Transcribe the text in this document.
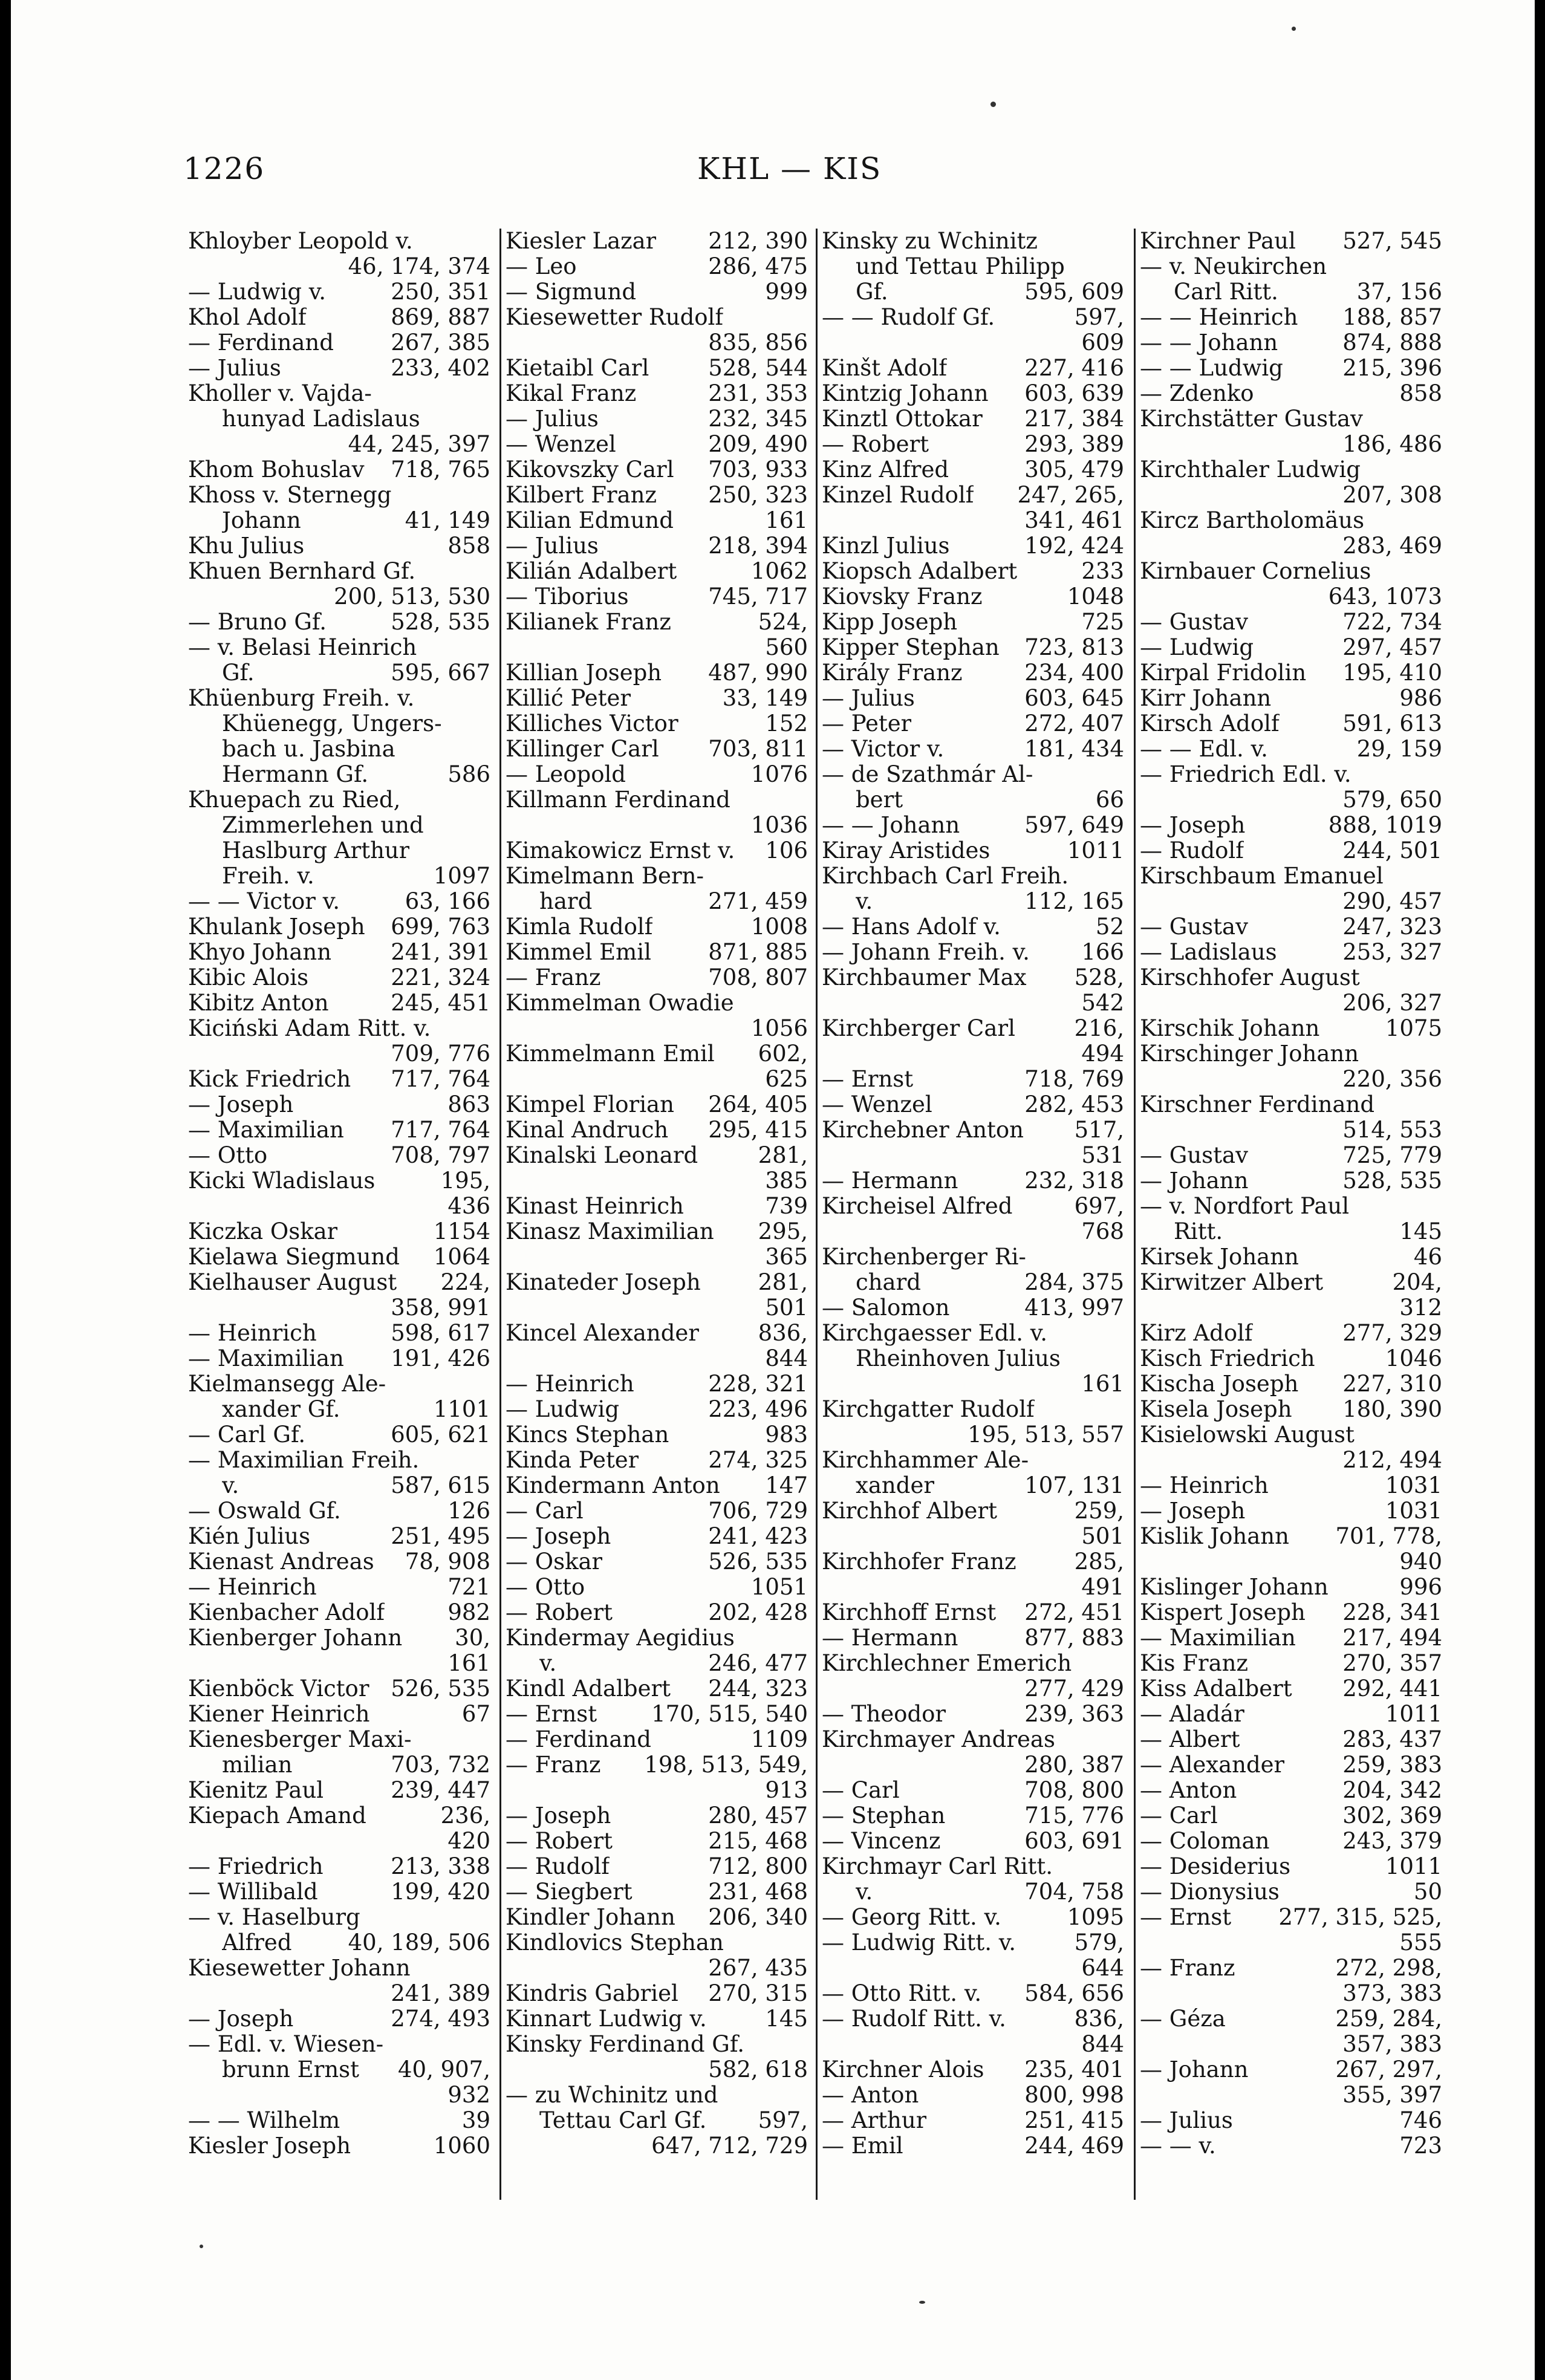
1226	KHL — KIS
Khloyber Leopold v.
46, 174, 374
— Ludwig v.	250, 351
Khol Adolf	869, 887
— Ferdinand	267, 385
— Julius	233, 402
Kholler v. Vajda-
hunyad Ladislaus
44, 245, 397
Khom Bohuslav 718, 765
Khoss v. Sternegg
Johann	41, 149
Khu Julius	858
Khuen Bernhard Gf.
200, 513, 530
— Bruno Gf.	528, 535
— v. Belasi Heinrich
Gf.	595, 667
Khüenburg Freih. v.
Khüenegg, Ungers-
bach u. Jasbina
Hermann Gf.	586
Khuepach zu Ried,
Zimmerlehen und
Haslburg Arthur
Freih. v.	1097
— — Victor v.	63, 166
Khulank Joseph 699, 763
Khyo Johann	241, 391
Kibic Alois	221, 324
Kibitz Anton	245, 451
Kiciński Adam Ritt. v.
709, 776
Kick Friedrich 717, 764
— Joseph	863
— Maximilian 717, 764
— Otto	708, 797
Kicki Wladislaus	195,
436
Kiczka Oskar	1154
Kielawa Siegmund 1064
Kielhauser August 224,
358, 991
— Heinrich	598, 617
— Maximilian 191, 426
Kielmansegg Ale-
xander Gf.	1101
— Carl Gf.	605, 621
— Maximilian Freih.
v.	587, 615
— Oswald Gf.	126
Kién Julius	251, 495
Kienast Andreas 78, 908
— Heinrich	721
Kienbacher Adolf	982
Kienberger Johann 30,
161
Kienböck Victor 526, 535
Kiener Heinrich	67
Kienesberger Maxi-
milian	703, 732
Kienitz Paul	239, 447
Kiepach Amand	236,
420
— Friedrich	213, 338
— Willibald	199, 420
— v. Haselburg
Alfred	40, 189, 506
Kiesewetter Johann
241, 389
— Joseph	274, 493
— Edl. v. Wiesen-
brunn Ernst 40, 907,
932
— — Wilhelm	39
Kiesler Joseph	1060
Kiesler Lazar 212, 390
— Leo	286, 475
— Sigmund	999
Kiesewetter Rudolf
835, 856
Kietaibl Carl	528, 544
Kikal Franz	231, 353
— Julius	232, 345
— Wenzel	209, 490
Kikovszky Carl 703, 933
Kilbert Franz 250, 323
Kilian Edmund	161
— Julius	218, 394
Kilián Adalbert	1062
— Tiborius	745, 717
Kilianek Franz	524,
560
Killian Joseph 487, 990
Killić Peter	33, 149
Killiches Victor	152
Killinger Carl 703, 811
— Leopold	1076
Killmann Ferdinand
1036
Kimakowicz Ernst v. 106
Kimelmann Bern-
hard	271, 459
Kimla Rudolf	1008
Kimmel Emil	871, 885
— Franz	708, 807
Kimmelman Owadie
1056
Kimmelmann Emil 602,
625
Kimpel Florian 264, 405
Kinal Andruch 295, 415
Kinalski Leonard	281,
385
Kinast Heinrich	739
Kinasz Maximilian 295,
365
Kinateder Joseph	281,
501
Kincel Alexander	836,
844
— Heinrich	228, 321
— Ludwig	223, 496
Kincs Stephan	983
Kinda Peter	274, 325
Kindermann Anton 147
— Carl	706, 729
— Joseph	241, 423
— Oskar	526, 535
— Otto	1051
— Robert	202, 428
Kindermay Aegidius
v.	246, 477
Kindl Adalbert 244, 323
— Ernst 170, 515, 540
— Ferdinand	1109
— Franz 198, 513, 549,
913
— Joseph	280, 457
— Robert	215, 468
— Rudolf	712, 800
— Siegbert	231, 468
Kindler Johann 206, 340
Kindlovics Stephan
267, 435
Kindris Gabriel 270, 315
Kinnart Ludwig v.	145
Kinsky Ferdinand Gf.
582, 618
— zu Wchinitz und
Tettau Carl Gf. 597,
647, 712, 729
Kinsky zu Wchinitz
und Tettau Philipp
Gf.	595, 609
— — Rudolf Gf.	597,
609
Kinšt Adolf	227, 416
Kintzig Johann 603, 639
Kinztl Ottokar 217, 384
— Robert	293, 389
Kinz Alfred	305, 479
Kinzel Rudolf 247, 265,
341, 461
Kinzl Julius	192, 424
Kiopsch Adalbert	233
Kiovsky Franz	1048
Kipp Joseph	725
Kipper Stephan 723, 813
Király Franz	234, 400
— Julius	603, 645
— Peter	272, 407
— Victor v.	181, 434
— de Szathmár Al-
bert	66
— — Johann	597, 649
Kiray Aristides	1011
Kirchbach Carl Freih.
v.	112, 165
— Hans Adolf v.	52
— Johann Freih. v. 166
Kirchbaumer Max 528,
542
Kirchberger Carl	216,
494
— Ernst	718, 769
— Wenzel	282, 453
Kirchebner Anton 517,
531
— Hermann	232, 318
Kircheisel Alfred	697,
768
Kirchenberger Ri-
chard	284, 375
— Salomon	413, 997
Kirchgaesser Edl. v.
Rheinhoven Julius
161
Kirchgatter Rudolf
195, 513, 557
Kirchhammer Ale-
xander	107, 131
Kirchhof Albert	259,
501
Kirchhofer Franz	285,
491
Kirchhoff Ernst 272, 451
— Hermann	877, 883
Kirchlechner Emerich
277, 429
— Theodor	239, 363
Kirchmayer Andreas
280, 387
— Carl	708, 800
— Stephan	715, 776
— Vincenz	603, 691
Kirchmayr Carl Ritt.
v.	704, 758
— Georg Ritt. v.	1095
— Ludwig Ritt. v.	579,
644
— Otto Ritt. v. 584, 656
— Rudolf Ritt. v.	836,
844
Kirchner Alois 235, 401
— Anton	800, 998
— Arthur	251, 415
— Emil	244, 469
Kirchner Paul 527, 545
— v. Neukirchen
Carl Ritt.	37, 156
— — Heinrich 188, 857
— — Johann	874, 888
— — Ludwig	215, 396
— Zdenko	858
Kirchstätter Gustav
186, 486
Kirchthaler Ludwig
207, 308
Kircz Bartholomäus
283, 469
Kirnbauer Cornelius
643, 1073
— Gustav	722, 734
— Ludwig	297, 457
Kirpal Fridolin 195, 410
Kirr Johann	986
Kirsch Adolf	591, 613
— — Edl. v.	29, 159
— Friedrich Edl. v.
579, 650
— Joseph	888, 1019
— Rudolf	244, 501
Kirschbaum Emanuel
290, 457
— Gustav	247, 323
— Ladislaus	253, 327
Kirschhofer August
206, 327
Kirschik Johann	1075
Kirschinger Johann
220, 356
Kirschner Ferdinand
514, 553
— Gustav	725, 779
— Johann	528, 535
— v. Nordfort Paul
Ritt.	145
Kirsek Johann	46
Kirwitzer Albert	204,
312
Kirz Adolf	277, 329
Kisch Friedrich	1046
Kischa Joseph 227, 310
Kisela Joseph 180, 390
Kisielowski August
212, 494
— Heinrich	1031
— Joseph	1031
Kislik Johann 701, 778,
940
Kislinger Johann	996
Kispert Joseph 228, 341
— Maximilian 217, 494
Kis Franz	270, 357
Kiss Adalbert 292, 441
— Aladár	1011
— Albert	283, 437
— Alexander	259, 383
— Anton	204, 342
— Carl	302, 369
— Coloman	243, 379
— Desiderius	1011
— Dionysius	50
— Ernst 277, 315, 525,
555
— Franz	272, 298,
373, 383
— Géza	259, 284,
357, 383
— Johann	267, 297,
355, 397
— Julius	746
— — v.	723
